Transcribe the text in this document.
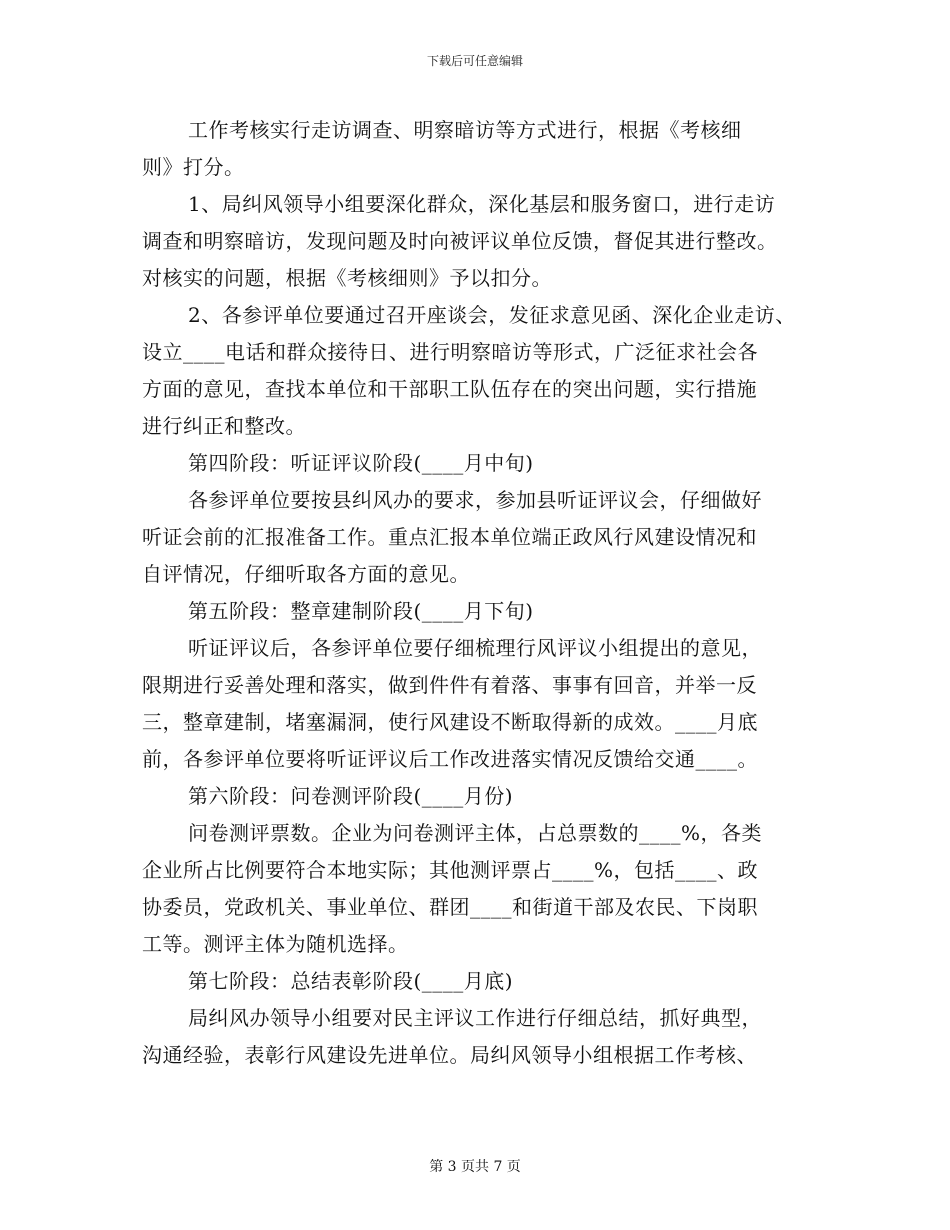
下载后可任意编辑
工作考核实行走访调查、明察暗访等方式进行，根据《考核细
则》打分。
1、局纠风领导小组要深化群众，深化基层和服务窗口，进行走访
调查和明察暗访，发现问题及时向被评议单位反馈，督促其进行整改。
对核实的问题，根据《考核细则》予以扣分。
2、各参评单位要通过召开座谈会，发征求意见函、深化企业走访、
设立____电话和群众接待日、进行明察暗访等形式，广泛征求社会各
方面的意见，查找本单位和干部职工队伍存在的突出问题，实行措施
进行纠正和整改。
第四阶段：听证评议阶段(____月中旬)
各参评单位要按县纠风办的要求，参加县听证评议会，仔细做好
听证会前的汇报准备工作。重点汇报本单位端正政风行风建设情况和
自评情况，仔细听取各方面的意见。
第五阶段：整章建制阶段(____月下旬)
听证评议后，各参评单位要仔细梳理行风评议小组提出的意见，
限期进行妥善处理和落实，做到件件有着落、事事有回音，并举一反
三，整章建制，堵塞漏洞，使行风建设不断取得新的成效。____月底
前，各参评单位要将听证评议后工作改进落实情况反馈给交通____。
第六阶段：问卷测评阶段(____月份)
问卷测评票数。企业为问卷测评主体，占总票数的____%，各类
企业所占比例要符合本地实际；其他测评票占____%，包括____、政
协委员，党政机关、事业单位、群团____和街道干部及农民、下岗职
工等。测评主体为随机选择。
第七阶段：总结表彰阶段(____月底)
局纠风办领导小组要对民主评议工作进行仔细总结，抓好典型，
沟通经验，表彰行风建设先进单位。局纠风领导小组根据工作考核、
第 3 页共 7 页
